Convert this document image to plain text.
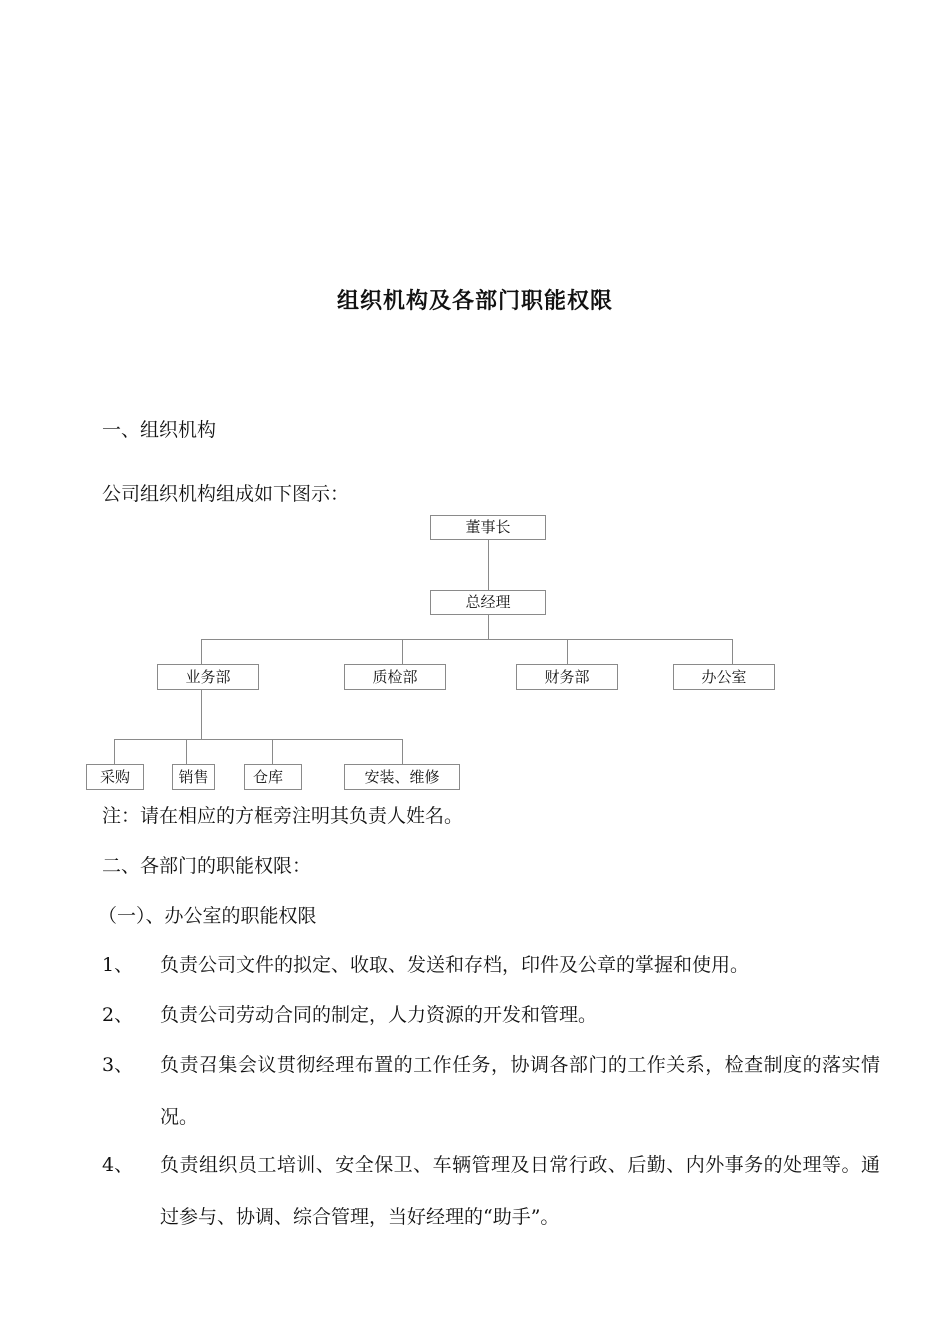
组织机构及各部门职能权限
一、组织机构
公司组织机构组成如下图示：
董事长
总经理
业务部	质检部	财务部	办公室
采购	销售	仓库	安装、维修
注：请在相应的方框旁注明其负责人姓名。
二、各部门的职能权限：
（一）、办公室的职能权限
1、 负责公司文件的拟定、收取、发送和存档，印件及公章的掌握和使用。
2、 负责公司劳动合同的制定，人力资源的开发和管理。
3、 负责召集会议贯彻经理布置的工作任务，协调各部门的工作关系，检查制度的落实情况。
4、 负责组织员工培训、安全保卫、车辆管理及日常行政、后勤、内外事务的处理等。通过参与、协调、综合管理，当好经理的“助手”。
